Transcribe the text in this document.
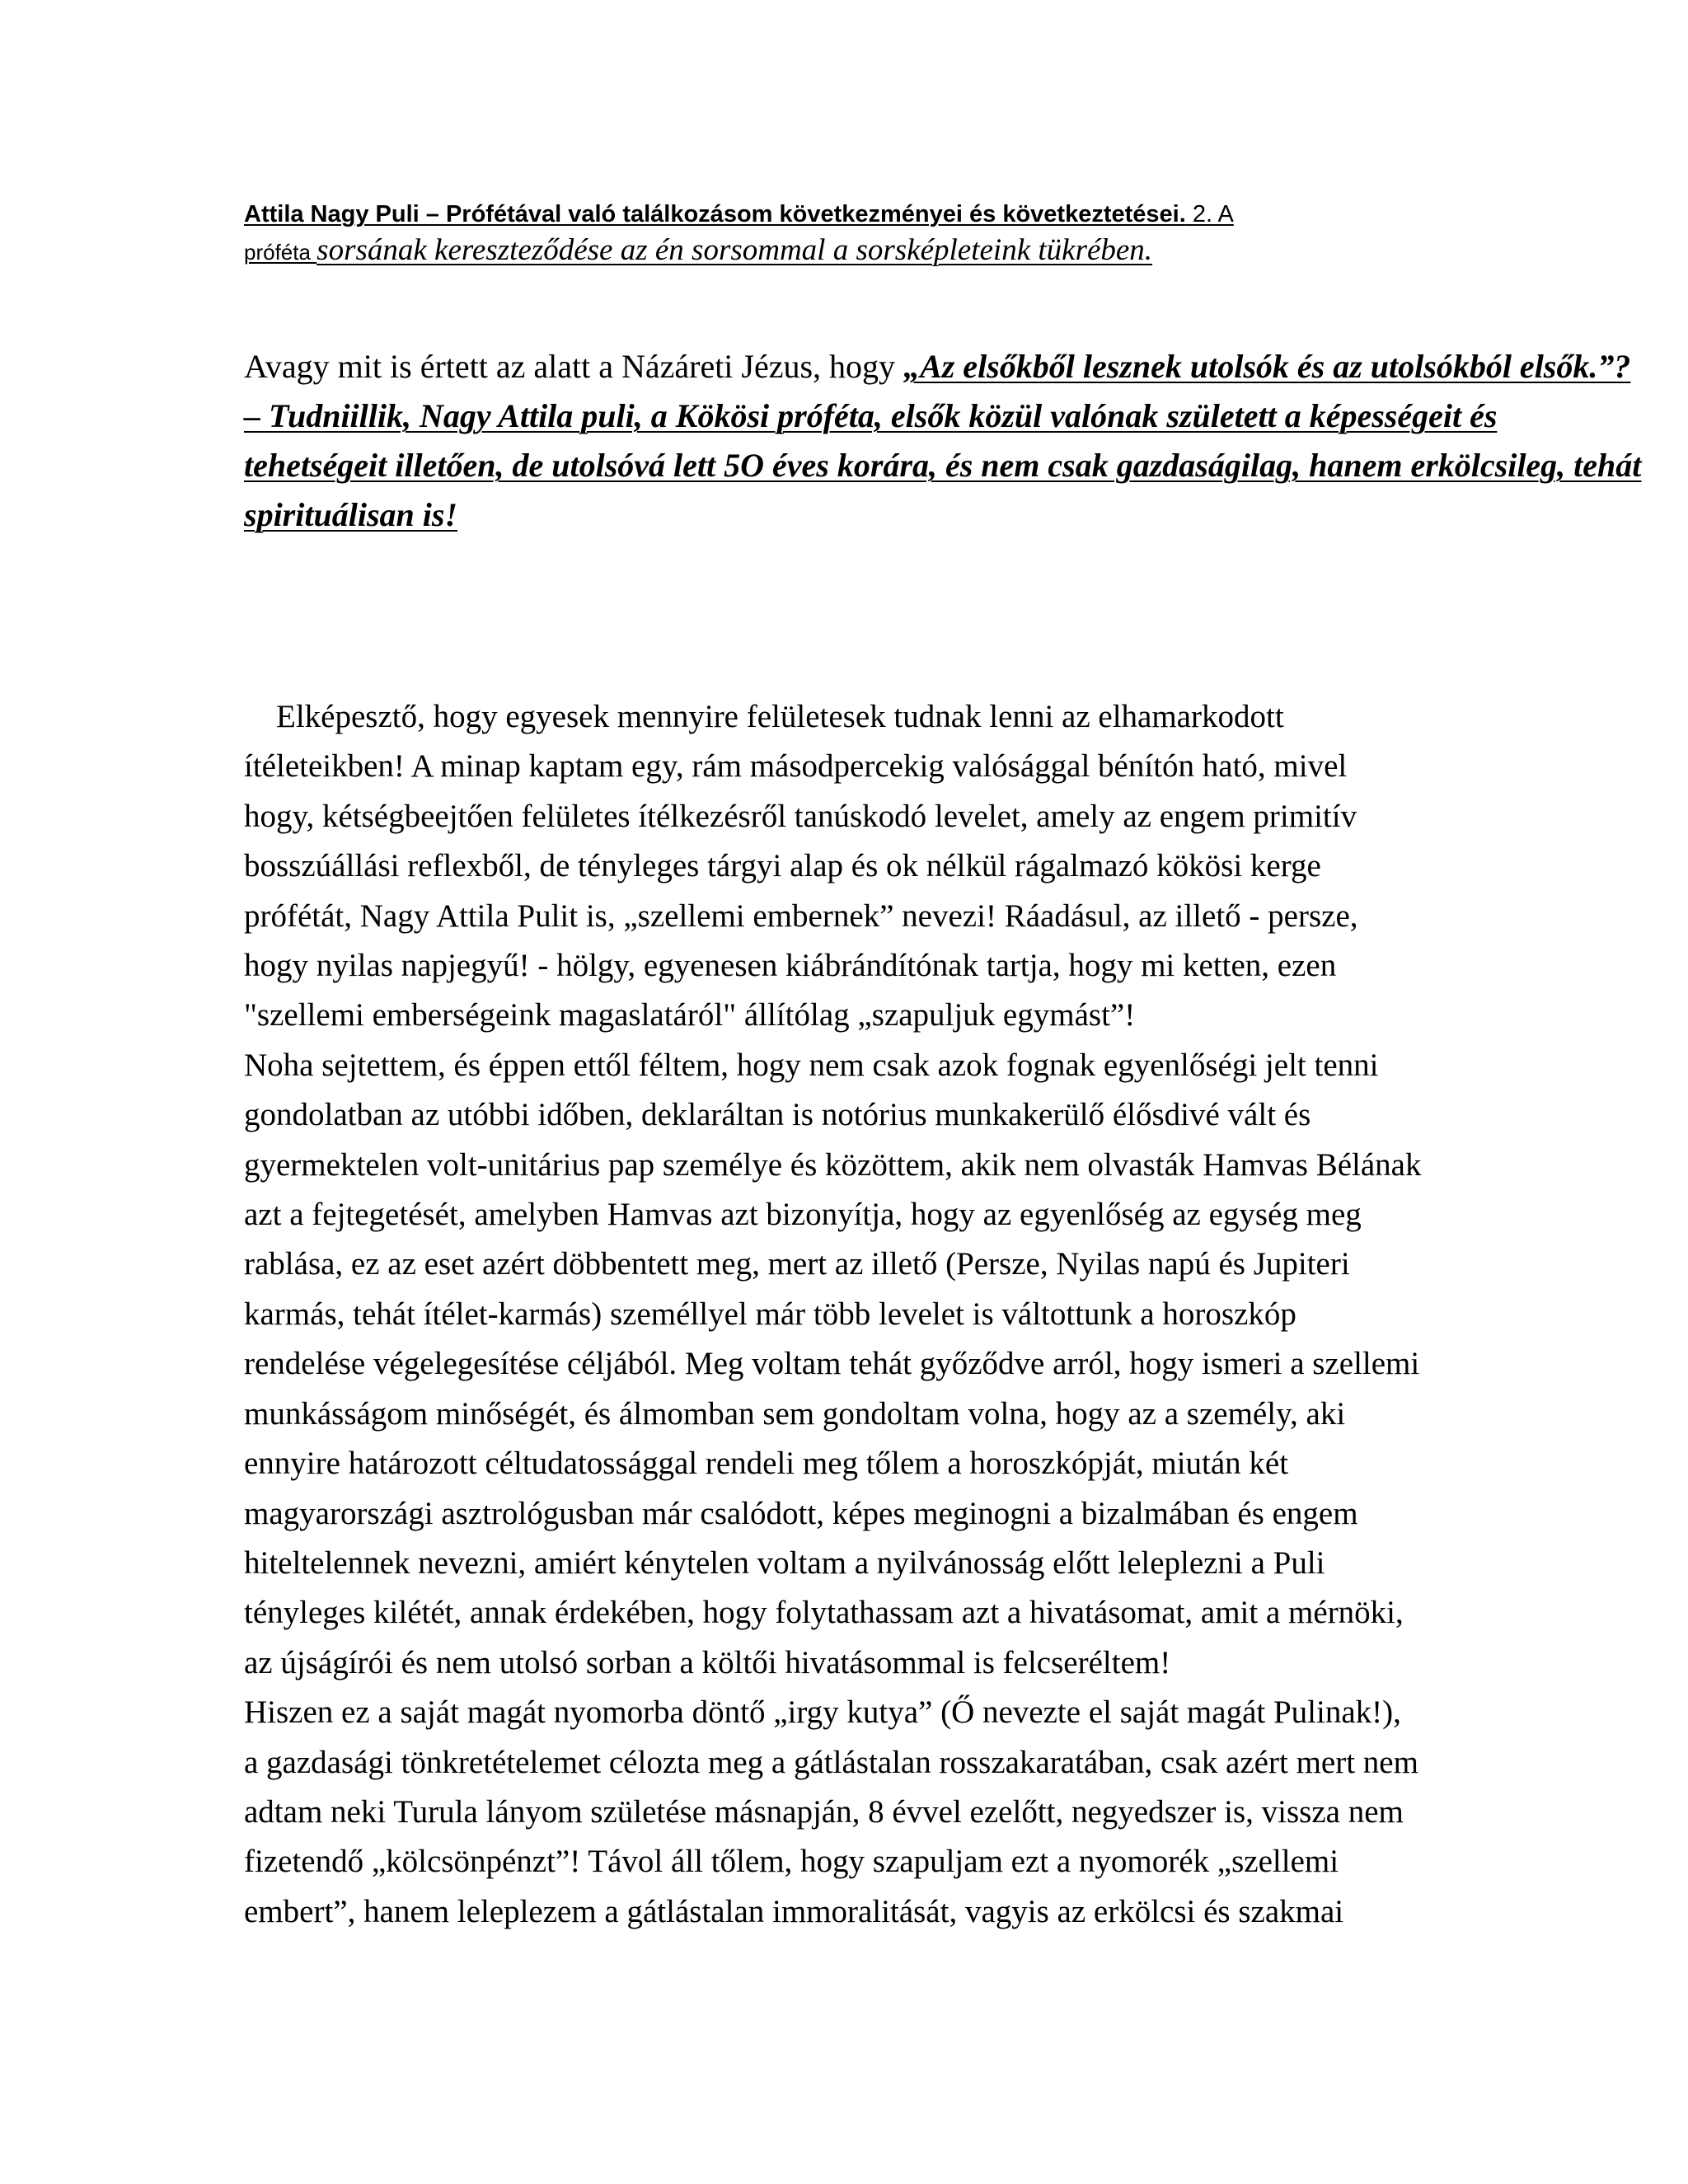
Attila Nagy Puli – Prófétával való találkozásom következményei és következtetései. 2. A
próféta sorsának kereszteződése az én sorsommal a sorsképleteink tükrében.
Avagy mit is értett az alatt a Názáreti Jézus, hogy „Az elsőkből lesznek utolsók és az utolsókból elsők.”? – Tudniillik, Nagy Attila puli, a Kökösi próféta, elsők közül valónak született a képességeit és tehetségeit illetően, de utolsóvá lett 5O éves korára, és nem csak gazdaságilag, hanem erkölcsileg, tehát spirituálisan is!
Elképesztő, hogy egyesek mennyire felületesek tudnak lenni az elhamarkodott
ítéleteikben! A minap kaptam egy, rám másodpercekig valósággal bénítón ható, mivel
hogy, kétségbeejtően felületes ítélkezésről tanúskodó levelet, amely az engem primitív
bosszúállási reflexből, de tényleges tárgyi alap és ok nélkül rágalmazó kökösi kerge
prófétát, Nagy Attila Pulit is, „szellemi embernek” nevezi! Ráadásul, az illető - persze,
hogy nyilas napjegyű! - hölgy, egyenesen kiábrándítónak tartja, hogy mi ketten, ezen
"szellemi emberségeink magaslatáról" állítólag „szapuljuk egymást”!
Noha sejtettem, és éppen ettől féltem, hogy nem csak azok fognak egyenlőségi jelt tenni
gondolatban az utóbbi időben, deklaráltan is notórius munkakerülő élősdivé vált és
gyermektelen volt-unitárius pap személye és közöttem, akik nem olvasták Hamvas Bélának
azt a fejtegetését, amelyben Hamvas azt bizonyítja, hogy az egyenlőség az egység meg
rablása, ez az eset azért döbbentett meg, mert az illető (Persze, Nyilas napú és Jupiteri
karmás, tehát ítélet-karmás) személlyel már több levelet is váltottunk a horoszkóp
rendelése végelegesítése céljából. Meg voltam tehát győződve arról, hogy ismeri a szellemi
munkásságom minőségét, és álmomban sem gondoltam volna, hogy az a személy, aki
ennyire határozott céltudatossággal rendeli meg tőlem a horoszkópját, miután két
magyarországi asztrológusban már csalódott, képes meginogni a bizalmában és engem
hiteltelennek nevezni, amiért kénytelen voltam a nyilvánosság előtt leleplezni a Puli
tényleges kilétét, annak érdekében, hogy folytathassam azt a hivatásomat, amit a mérnöki,
az újságírói és nem utolsó sorban a költői hivatásommal is felcseréltem!
Hiszen ez a saját magát nyomorba döntő „irgy kutya” (Ő nevezte el saját magát Pulinak!),
a gazdasági tönkretételemet célozta meg a gátlástalan rosszakaratában, csak azért mert nem
adtam neki Turula lányom születése másnapján, 8 évvel ezelőtt, negyedszer is, vissza nem
fizetendő „kölcsönpénzt”! Távol áll tőlem, hogy szapuljam ezt a nyomorék „szellemi
embert”, hanem leleplezem a gátlástalan immoralitását, vagyis az erkölcsi és szakmai
